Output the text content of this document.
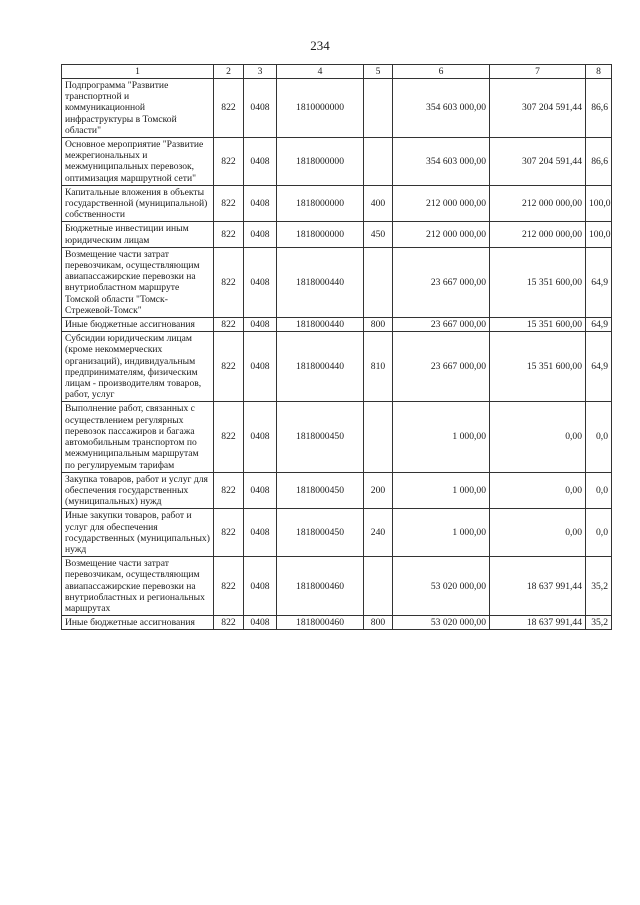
234
1	2	3	4	5	6	7	8
Подпрограмма "Развитие транспортной и коммуникационной инфраструктуры в Томской области"	822	0408	1810000000		354 603 000,00	307 204 591,44	86,6
Основное мероприятие "Развитие межрегиональных и межмуниципальных перевозок, оптимизация маршрутной сети"	822	0408	1818000000		354 603 000,00	307 204 591,44	86,6
Капитальные вложения в объекты государственной (муниципальной) собственности	822	0408	1818000000	400	212 000 000,00	212 000 000,00	100,0
Бюджетные инвестиции иным юридическим лицам	822	0408	1818000000	450	212 000 000,00	212 000 000,00	100,0
Возмещение части затрат перевозчикам, осуществляющим авиапассажирские перевозки на внутриобластном маршруте Томской области "Томск-Стрежевой-Томск"	822	0408	1818000440		23 667 000,00	15 351 600,00	64,9
Иные бюджетные ассигнования	822	0408	1818000440	800	23 667 000,00	15 351 600,00	64,9
Субсидии юридическим лицам (кроме некоммерческих организаций), индивидуальным предпринимателям, физическим лицам - производителям товаров, работ, услуг	822	0408	1818000440	810	23 667 000,00	15 351 600,00	64,9
Выполнение работ, связанных с осуществлением регулярных перевозок пассажиров и багажа автомобильным транспортом по межмуниципальным маршрутам по регулируемым тарифам	822	0408	1818000450		1 000,00	0,00	0,0
Закупка товаров, работ и услуг для обеспечения государственных (муниципальных) нужд	822	0408	1818000450	200	1 000,00	0,00	0,0
Иные закупки товаров, работ и услуг для обеспечения государственных (муниципальных) нужд	822	0408	1818000450	240	1 000,00	0,00	0,0
Возмещение части затрат перевозчикам, осуществляющим авиапассажирские перевозки на внутриобластных и региональных маршрутах	822	0408	1818000460		53 020 000,00	18 637 991,44	35,2
Иные бюджетные ассигнования	822	0408	1818000460	800	53 020 000,00	18 637 991,44	35,2
